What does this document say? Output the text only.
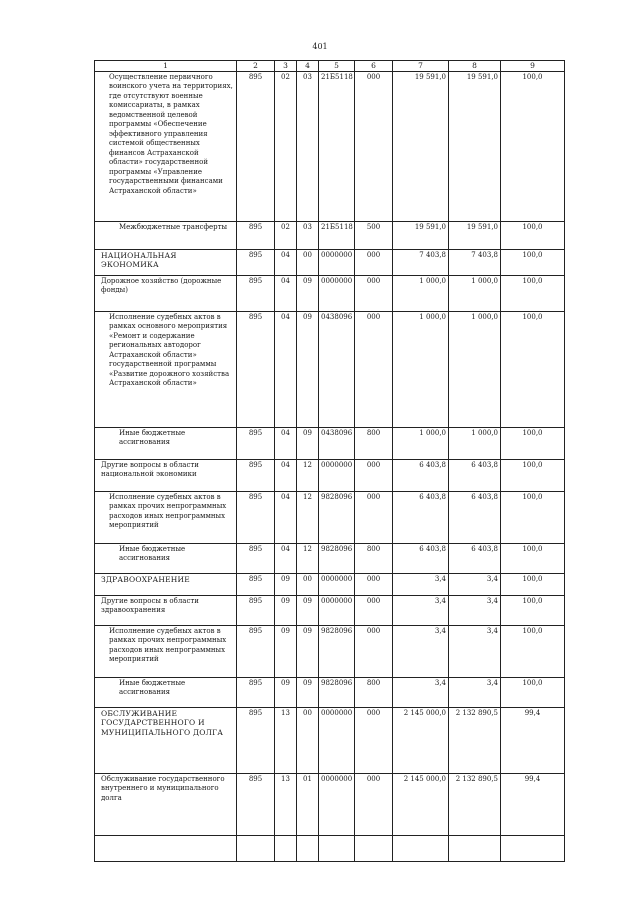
401
1	2	3	4	5	6	7	8	9
Осуществление первичного воинского учета на территориях, где отсутствуют военные комиссариаты, в рамках ведомственной целевой программы «Обеспечение эффективного управления системой общественных финансов Астраханской области» государственной программы «Управление государственными финансами Астраханской области»	895	02	03	21Б5118	000	19 591,0	19 591,0	100,0
Межбюджетные трансферты	895	02	03	21Б5118	500	19 591,0	19 591,0	100,0
НАЦИОНАЛЬНАЯ ЭКОНОМИКА	895	04	00	0000000	000	7 403,8	7 403,8	100,0
Дорожное хозяйство (дорожные фонды)	895	04	09	0000000	000	1 000,0	1 000,0	100,0
Исполнение судебных актов в рамках основного мероприятия «Ремонт и содержание региональных автодорог Астраханской области» государственной программы «Развитие дорожного хозяйства Астраханской области»	895	04	09	0438096	000	1 000,0	1 000,0	100,0
Иные бюджетные ассигнования	895	04	09	0438096	800	1 000,0	1 000,0	100,0
Другие вопросы в области национальной экономики	895	04	12	0000000	000	6 403,8	6 403,8	100,0
Исполнение судебных актов в рамках прочих непрограммных расходов иных непрограммных мероприятий	895	04	12	9828096	000	6 403,8	6 403,8	100,0
Иные бюджетные ассигнования	895	04	12	9828096	800	6 403,8	6 403,8	100,0
ЗДРАВООХРАНЕНИЕ	895	09	00	0000000	000	3,4	3,4	100,0
Другие вопросы в области здравоохранения	895	09	09	0000000	000	3,4	3,4	100,0
Исполнение судебных актов в рамках прочих непрограммных расходов иных непрограммных мероприятий	895	09	09	9828096	000	3,4	3,4	100,0
Иные бюджетные ассигнования	895	09	09	9828096	800	3,4	3,4	100,0
ОБСЛУЖИВАНИЕ ГОСУДАРСТВЕННОГО И МУНИЦИПАЛЬНОГО ДОЛГА	895	13	00	0000000	000	2 145 000,0	2 132 890,5	99,4
Обслуживание государственного внутреннего и муниципального долга	895	13	01	0000000	000	2 145 000,0	2 132 890,5	99,4
